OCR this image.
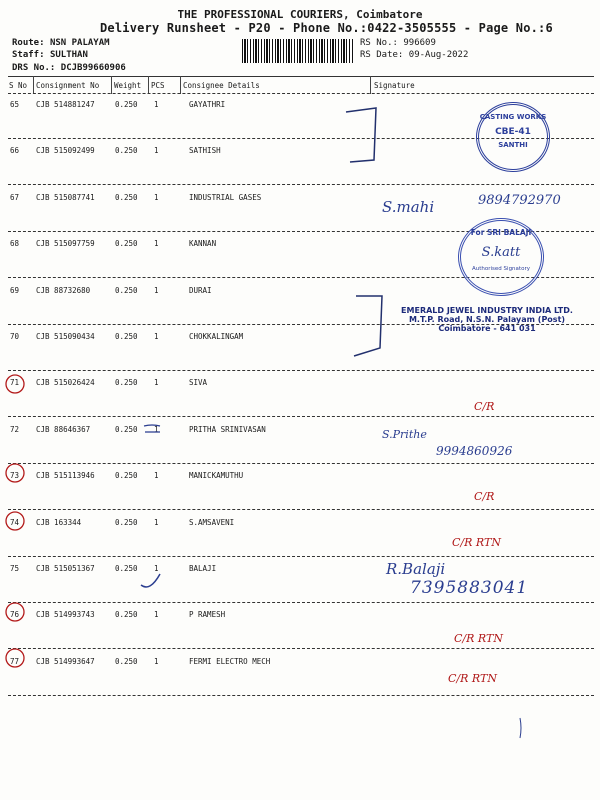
THE PROFESSIONAL COURIERS, Coimbatore
Delivery Runsheet - P20 - Phone No.:0422-3505555 - Page No.:6
Route: NSN PALAYAM
Staff: SULTHAN
DRS No.: DCJB99660906
RS No.: 996609
RS Date: 09-Aug-2022
S No Consignment No Weight PCS Consignee Details	Signature
65 CJB 514881247	0.250 1	GAYATHRI
66 CJB 515092499	0.250 1	SATHISH
67 CJB 515087741	0.250 1	INDUSTRIAL GASES
68 CJB 515097759	0.250 1	KANNAN
69 CJB 88732680	0.250 1	DURAI
70 CJB 515090434	0.250 1	CHOKKALINGAM
71 CJB 515026424	0.250 1	SIVA
72 CJB 88646367	0.250 1	PRITHA SRINIVASAN
73 CJB 515113946	0.250 1	MANICKAMUTHU
74 CJB 163344	0.250 1	S.AMSAVENI
75 CJB 515051367	0.250 1	BALAJI
76 CJB 514993743	0.250 1	P RAMESH
77 CJB 514993647	0.250 1	FERMI ELECTRO MECH
S.mahi	9894792970
S.Prithe
9994860926
R.Balaji
7395883041
C/R
C/R
C/R RTN
C/R RTN
C/R RTN
CASTING WORKS
CBE-41
SANTHI
For SRI BALAJI
S.katt
Authorised Signatory
EMERALD JEWEL INDUSTRY INDIA LTD.
M.T.P. Road, N.S.N. Palayam (Post)
Coimbatore - 641 031
